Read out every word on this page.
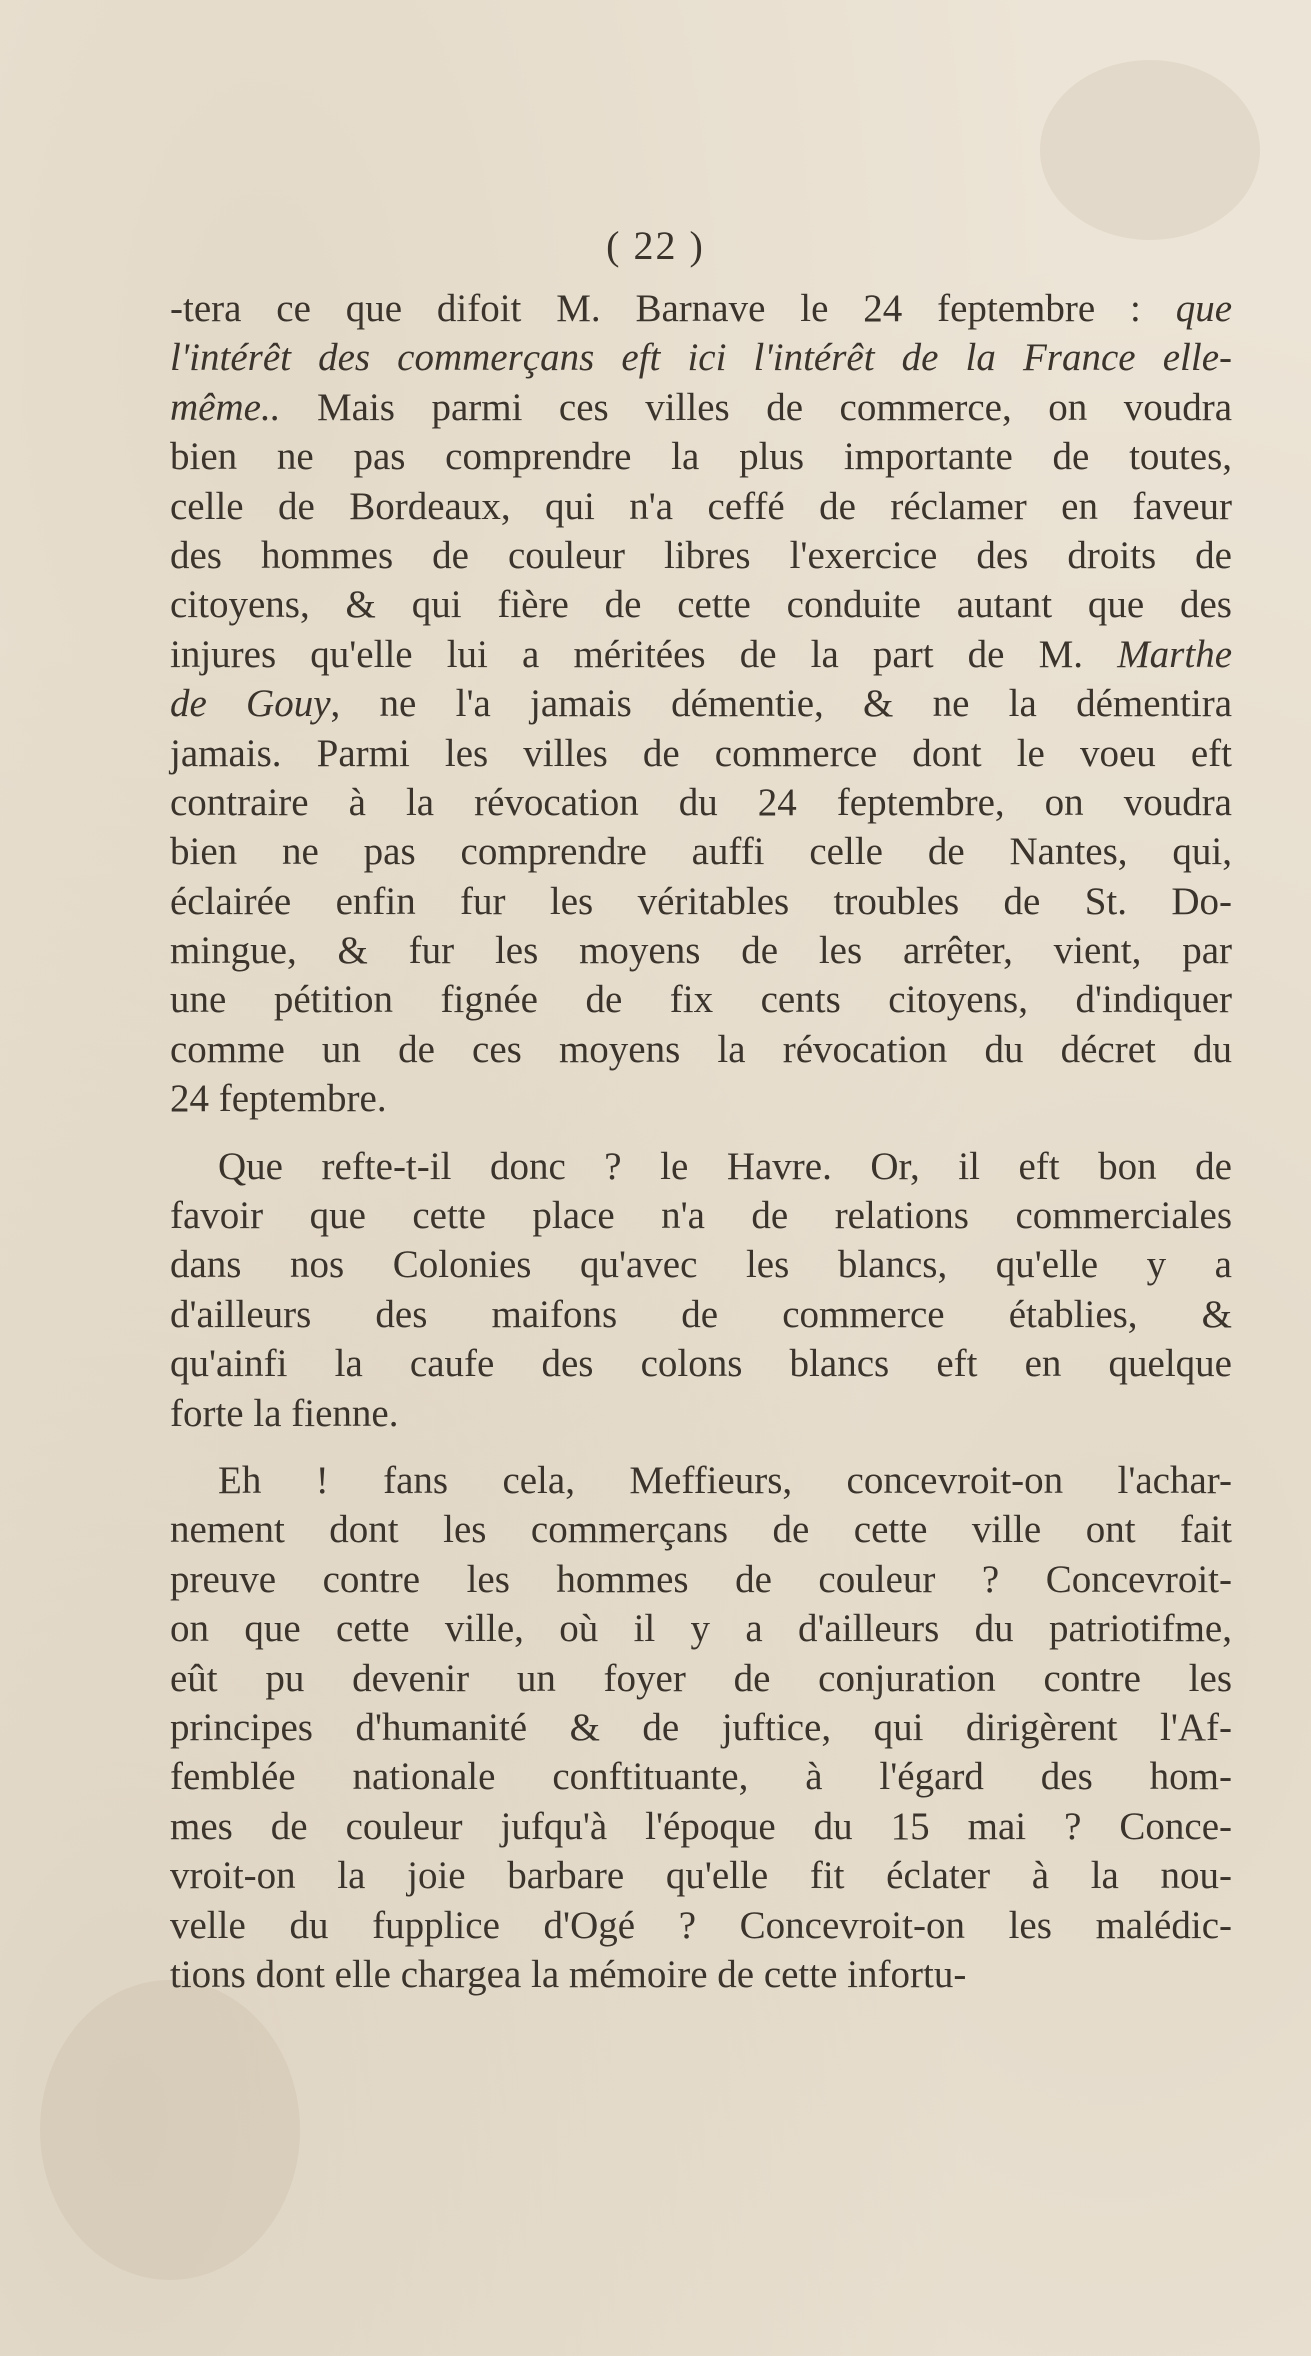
( 22 )
-tera ce que difoit M. Barnave le 24 feptembre : que
l'intérêt des commerçans eft ici l'intérêt de la France elle-
même.. Mais parmi ces villes de commerce, on voudra
bien ne pas comprendre la plus importante de toutes,
celle de Bordeaux, qui n'a ceffé de réclamer en faveur
des hommes de couleur libres l'exercice des droits de
citoyens, & qui fière de cette conduite autant que des
injures qu'elle lui a méritées de la part de M. Marthe
de Gouy, ne l'a jamais démentie, & ne la démentira
jamais. Parmi les villes de commerce dont le voeu eft
contraire à la révocation du 24 feptembre, on voudra
bien ne pas comprendre auffi celle de Nantes, qui,
éclairée enfin fur les véritables troubles de St. Do-
mingue, & fur les moyens de les arrêter, vient, par
une pétition fignée de fix cents citoyens, d'indiquer
comme un de ces moyens la révocation du décret du
24 feptembre.
Que refte-t-il donc ? le Havre. Or, il eft bon de
favoir que cette place n'a de relations commerciales
dans nos Colonies qu'avec les blancs, qu'elle y a
d'ailleurs des maifons de commerce établies, &
qu'ainfi la caufe des colons blancs eft en quelque
forte la fienne.
Eh ! fans cela, Meffieurs, concevroit-on l'achar-
nement dont les commerçans de cette ville ont fait
preuve contre les hommes de couleur ? Concevroit-
on que cette ville, où il y a d'ailleurs du patriotifme,
eût pu devenir un foyer de conjuration contre les
principes d'humanité & de juftice, qui dirigèrent l'Af-
femblée nationale conftituante, à l'égard des hom-
mes de couleur jufqu'à l'époque du 15 mai ? Conce-
vroit-on la joie barbare qu'elle fit éclater à la nou-
velle du fupplice d'Ogé ? Concevroit-on les malédic-
tions dont elle chargea la mémoire de cette infortu-
